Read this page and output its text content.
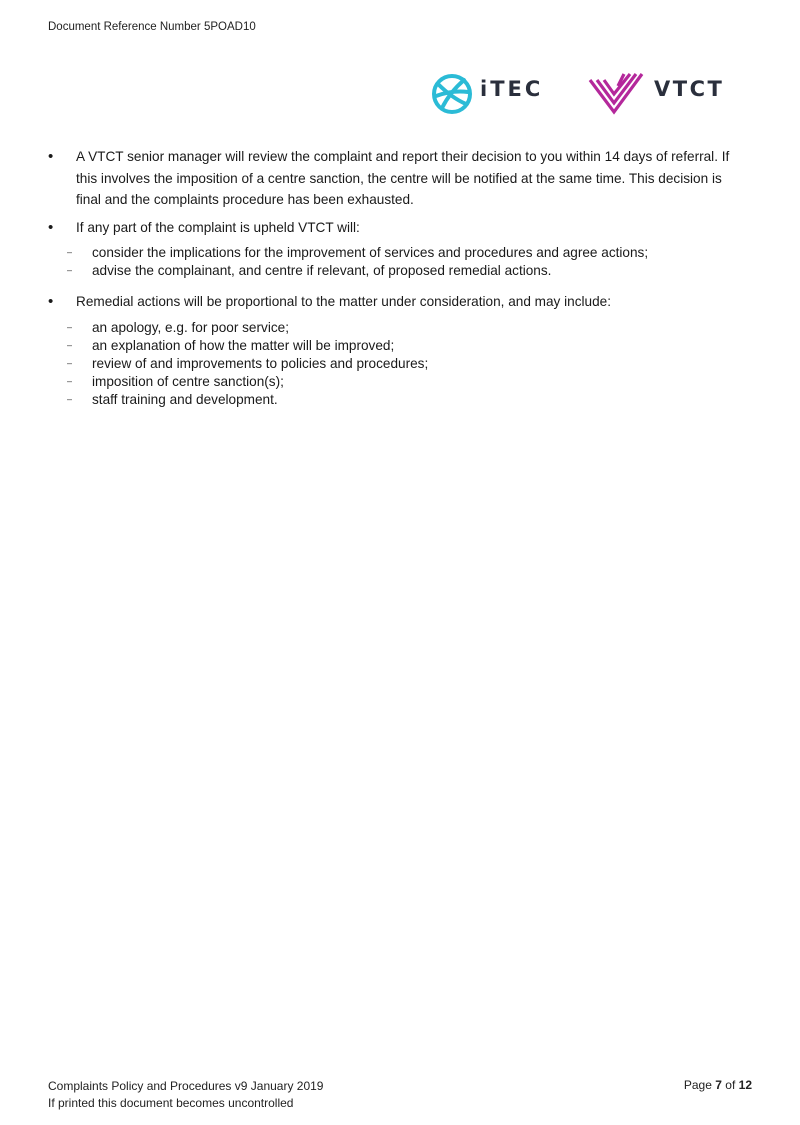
Document Reference Number 5POAD10
iTEC	VTCT
• A VTCT senior manager will review the complaint and report their decision to you within 14 days of referral. If this involves the imposition of a centre sanction, the centre will be notified at the same time. This decision is final and the complaints procedure has been exhausted.
• If any part of the complaint is upheld VTCT will:
– consider the implications for the improvement of services and procedures and agree actions;
– advise the complainant, and centre if relevant, of proposed remedial actions.
• Remedial actions will be proportional to the matter under consideration, and may include:
– an apology, e.g. for poor service;
– an explanation of how the matter will be improved;
– review of and improvements to policies and procedures;
– imposition of centre sanction(s);
– staff training and development.
Complaints Policy and Procedures v9 January 2019
If printed this document becomes uncontrolled
Page 7 of 12
